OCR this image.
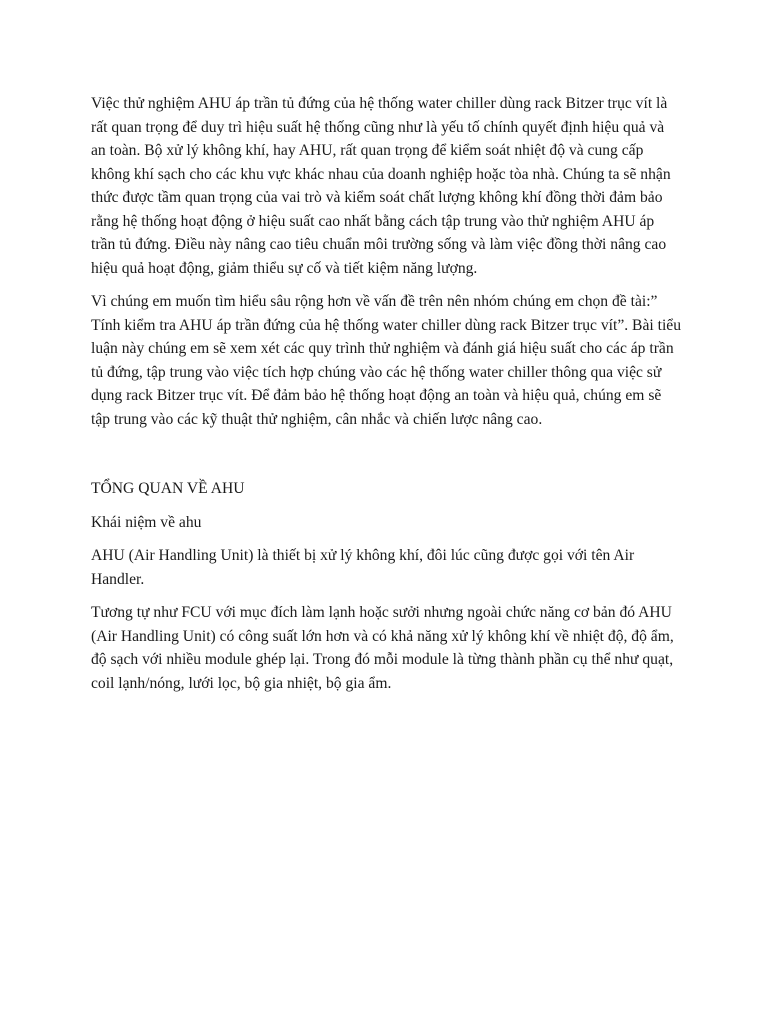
Việc thử nghiệm AHU áp trần tủ đứng của hệ thống water chiller dùng rack Bitzer trục vít là rất quan trọng để duy trì hiệu suất hệ thống cũng như là yếu tố chính quyết định hiệu quả và an toàn. Bộ xử lý không khí, hay AHU, rất quan trọng để kiểm soát nhiệt độ và cung cấp không khí sạch cho các khu vực khác nhau của doanh nghiệp hoặc tòa nhà. Chúng ta sẽ nhận thức được tầm quan trọng của vai trò và kiểm soát chất lượng không khí đồng thời đảm bảo rằng hệ thống hoạt động ở hiệu suất cao nhất bằng cách tập trung vào thử nghiệm AHU áp trần tủ đứng. Điều này nâng cao tiêu chuẩn môi trường sống và làm việc đồng thời nâng cao hiệu quả hoạt động, giảm thiểu sự cố và tiết kiệm năng lượng.

Vì chúng em muốn tìm hiểu sâu rộng hơn về vấn đề trên nên nhóm chúng em chọn đề tài:” Tính kiểm tra AHU áp trần đứng của hệ thống water chiller dùng rack Bitzer trục vít”. Bài tiểu luận này chúng em sẽ xem xét các quy trình thử nghiệm và đánh giá hiệu suất cho các áp trần tủ đứng, tập trung vào việc tích hợp chúng vào các hệ thống water chiller thông qua việc sử dụng rack Bitzer trục vít. Để đảm bảo hệ thống hoạt động an toàn và hiệu quả, chúng em sẽ tập trung vào các kỹ thuật thử nghiệm, cân nhắc và chiến lược nâng cao.

TỔNG QUAN VỀ AHU

Khái niệm về ahu

AHU (Air Handling Unit) là thiết bị xử lý không khí, đôi lúc cũng được gọi với tên Air Handler.

Tương tự như FCU với mục đích làm lạnh hoặc sưởi nhưng ngoài chức năng cơ bản đó AHU (Air Handling Unit) có công suất lớn hơn và có khả năng xử lý không khí về nhiệt độ, độ ẩm, độ sạch với nhiều module ghép lại. Trong đó mỗi module là từng thành phần cụ thể như quạt, coil lạnh/nóng, lưới lọc, bộ gia nhiệt, bộ gia ẩm.
